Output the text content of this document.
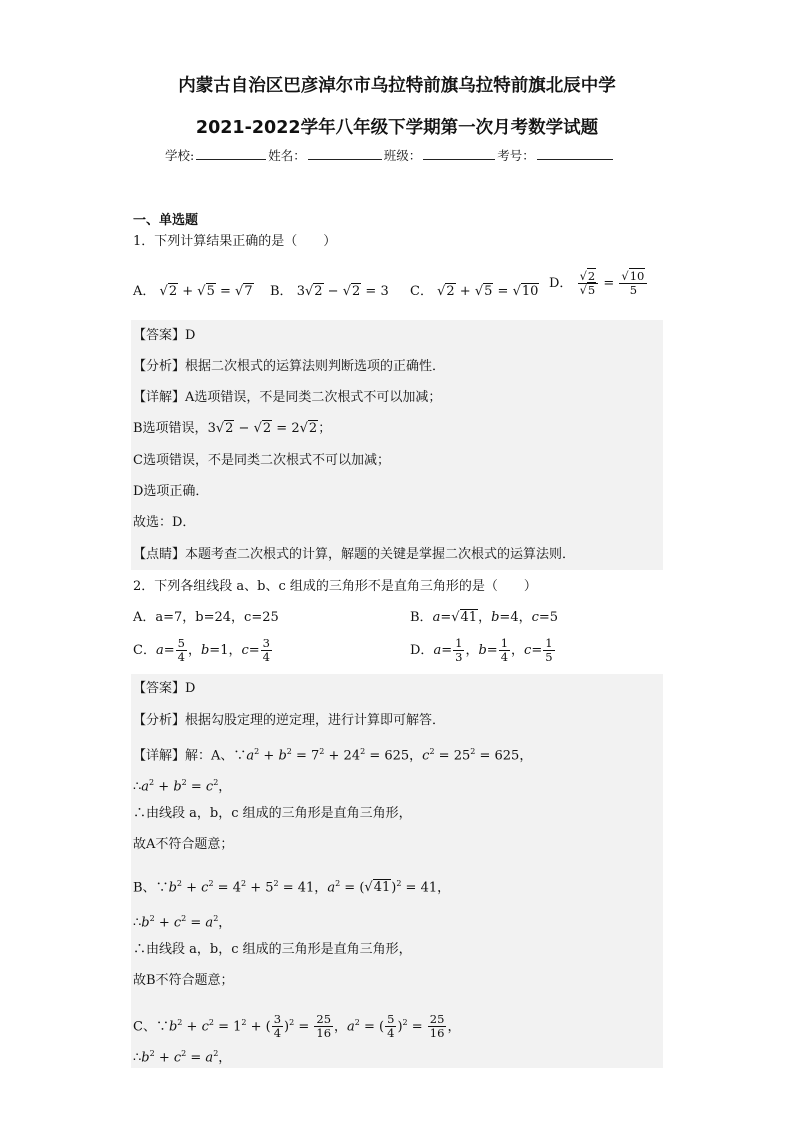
内蒙古自治区巴彦淖尔市乌拉特前旗乌拉特前旗北辰中学
2021-2022学年八年级下学期第一次月考数学试题
学校:	姓名：	班级：	考号：
一、单选题
1．下列计算结果正确的是（　　）
A． √2 + √5 = √7 B． 3√2 − √2 = 3 C． √2 + √5 = √10
D． $\frac{√2}{√5} = \frac{√10}{5}$
【答案】D
【分析】根据二次根式的运算法则判断选项的正确性．
【详解】A选项错误，不是同类二次根式不可以加减；
B选项错误，3√2 − √2 = 2√2；
C选项错误，不是同类二次根式不可以加减；
D选项正确．
故选：D．
【点睛】本题考查二次根式的计算，解题的关键是掌握二次根式的运算法则．
2．下列各组线段 a、b、c 组成的三角形不是直角三角形的是（　　）
A．a=7，b=24，c=25	B．a=√41，b=4，c=5
C．$a= \frac{5}{4}$ ，b=1，$c= \frac{3}{4}$	D．$a= \frac{1}{3}$ ，$b= \frac{1}{4}$ ，$c= \frac{1}{5}$
【答案】D
【分析】根据勾股定理的逆定理，进行计算即可解答．
【详解】解：A、$\because a^2 + b^2 = 7^2 + 24^2 = 625$，$c^2 = 25^2 = 625$，
$\therefore a^2 + b^2 = c^2$，
∴由线段 a，b，c 组成的三角形是直角三角形，
故A不符合题意；
B、$\because b^2 + c^2 = 4^2 + 5^2 = 41$，$a^2 = (√41)^2 = 41$，
$\therefore b^2 + c^2 = a^2$，
∴由线段 a，b，c 组成的三角形是直角三角形，
故B不符合题意；
C、$\because b^2 + c^2 = 1^2$ + ( $\frac{3}{4} )^2 = \frac{25}{16}$ ，$a^2$ = ( $\frac{5}{4} )^2 = \frac{25}{16}$ ，
$\therefore b^2 + c^2 = a^2$，
